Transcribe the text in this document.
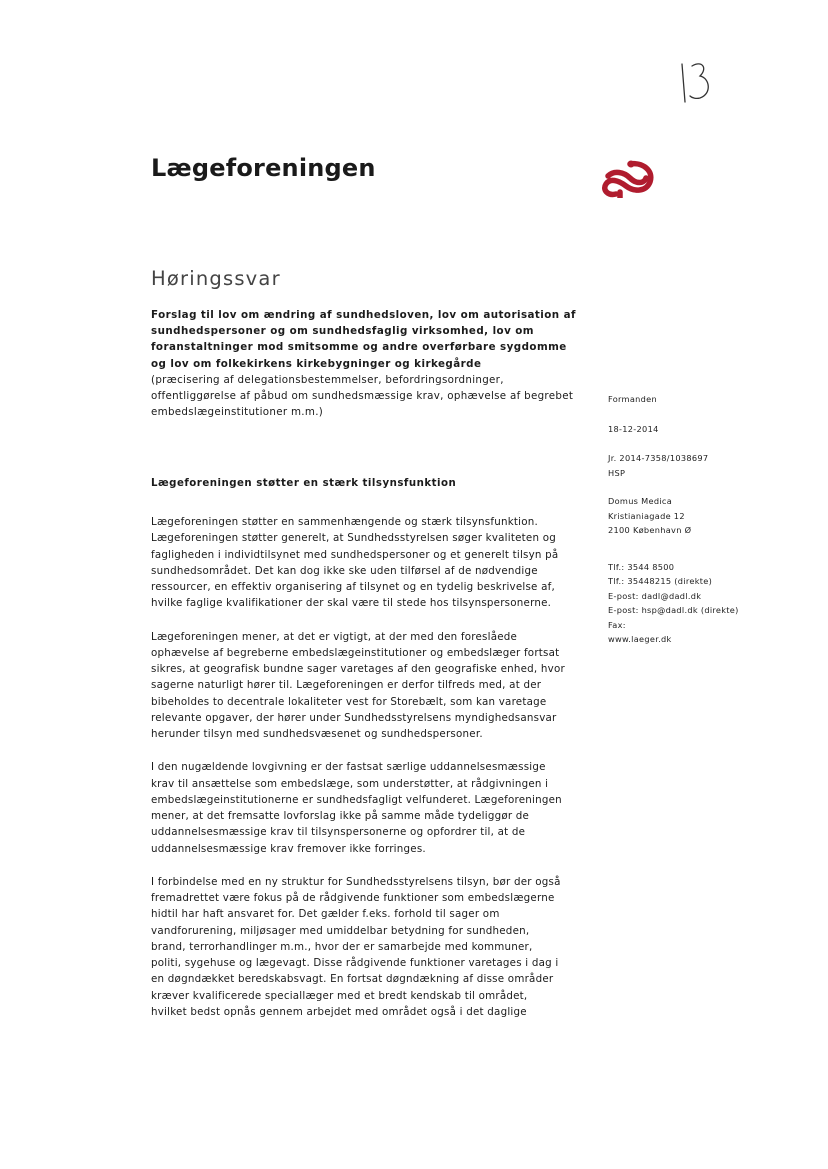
Lægeforeningen
Høringssvar
Forslag til lov om ændring af sundhedsloven, lov om autorisation af
sundhedspersoner og om sundhedsfaglig virksomhed, lov om
foranstaltninger mod smitsomme og andre overførbare sygdomme
og lov om folkekirkens kirkebygninger og kirkegårde
(præcisering af delegationsbestemmelser, befordringsordninger,
offentliggørelse af påbud om sundhedsmæssige krav, ophævelse af begrebet
embedslægeinstitutioner m.m.)
Lægeforeningen støtter en stærk tilsynsfunktion

Lægeforeningen støtter en sammenhængende og stærk tilsynsfunktion.
Lægeforeningen støtter generelt, at Sundhedsstyrelsen søger kvaliteten og
fagligheden i individtilsynet med sundhedspersoner og et generelt tilsyn på
sundhedsområdet. Det kan dog ikke ske uden tilførsel af de nødvendige
ressourcer, en effektiv organisering af tilsynet og en tydelig beskrivelse af,
hvilke faglige kvalifikationer der skal være til stede hos tilsynspersonerne.

Lægeforeningen mener, at det er vigtigt, at der med den foreslåede
ophævelse af begreberne embedslægeinstitutioner og embedslæger fortsat
sikres, at geografisk bundne sager varetages af den geografiske enhed, hvor
sagerne naturligt hører til. Lægeforeningen er derfor tilfreds med, at der
bibeholdes to decentrale lokaliteter vest for Storebælt, som kan varetage
relevante opgaver, der hører under Sundhedsstyrelsens myndighedsansvar
herunder tilsyn med sundhedsvæsenet og sundhedspersoner.

I den nugældende lovgivning er der fastsat særlige uddannelsesmæssige
krav til ansættelse som embedslæge, som understøtter, at rådgivningen i
embedslægeinstitutionerne er sundhedsfagligt velfunderet. Lægeforeningen
mener, at det fremsatte lovforslag ikke på samme måde tydeliggør de
uddannelsesmæssige krav til tilsynspersonerne og opfordrer til, at de
uddannelsesmæssige krav fremover ikke forringes.

I forbindelse med en ny struktur for Sundhedsstyrelsens tilsyn, bør der også
fremadrettet være fokus på de rådgivende funktioner som embedslægerne
hidtil har haft ansvaret for. Det gælder f.eks. forhold til sager om
vandforurening, miljøsager med umiddelbar betydning for sundheden,
brand, terrorhandlinger m.m., hvor der er samarbejde med kommuner,
politi, sygehuse og lægevagt. Disse rådgivende funktioner varetages i dag i
en døgndækket beredskabsvagt. En fortsat døgndækning af disse områder
kræver kvalificerede speciallæger med et bredt kendskab til området,
hvilket bedst opnås gennem arbejdet med området også i det daglige

Formanden
18-12-2014
Jr. 2014-7358/1038697
HSP
Domus Medica
Kristianiagade 12
2100 København Ø
Tlf.: 3544 8500
Tlf.: 35448215 (direkte)
E-post: dadl@dadl.dk
E-post: hsp@dadl.dk (direkte)
Fax:
www.laeger.dk
